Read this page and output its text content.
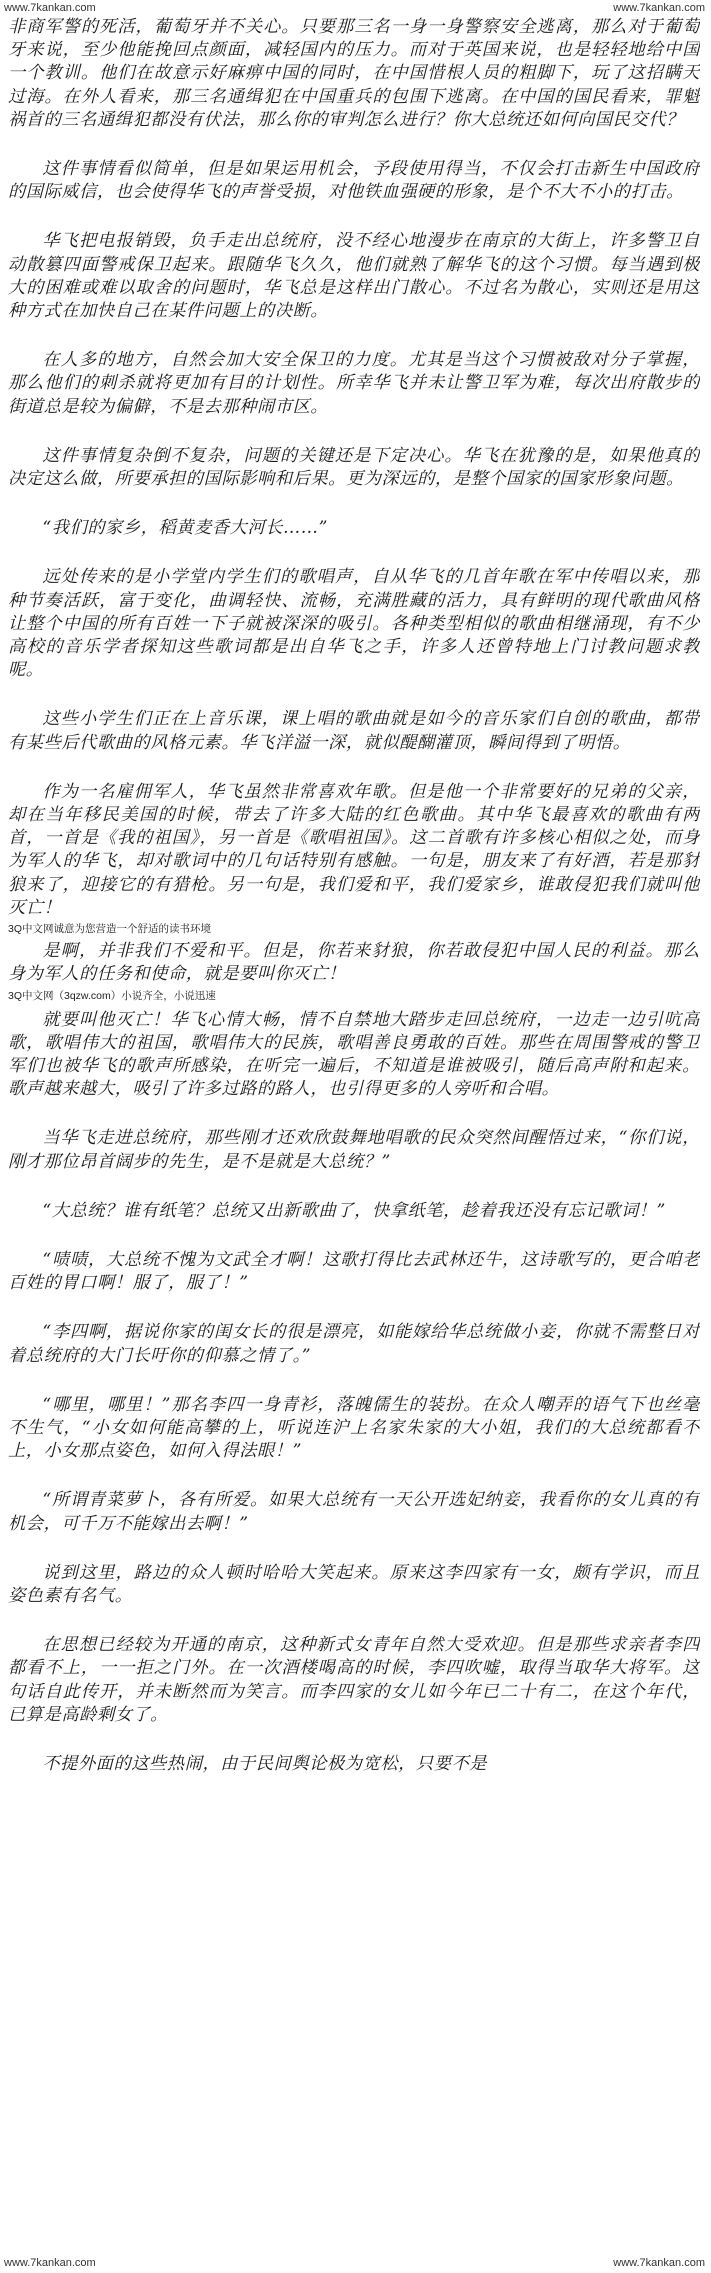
www.7kankan.com	www.7kankan.com

非商军警的死活，葡萄牙并不关心。只要那三名一身一身警察安全逃离，那么对于葡萄牙来说，至少他能挽回点颜面，减轻国内的压力。而对于英国来说，也是轻轻地给中国一个教训。他们在故意示好麻痹中国的同时，在中国惜根人员的粗脚下，玩了这招瞒天过海。在外人看来，那三名通缉犯在中国重兵的包围下逃离。在中国的国民看来，罪魁祸首的三名通缉犯都没有伏法，那么你的审判怎么进行？你大总统还如何向国民交代？

这件事情看似简单，但是如果运用机会，予段使用得当，不仅会打击新生中国政府的国际威信，也会使得华飞的声誉受损，对他铁血强硬的形象，是个不大不小的打击。

华飞把电报销毁，负手走出总统府，没不经心地漫步在南京的大街上，许多警卫自动散篡四面警戒保卫起来。跟随华飞久久，他们就熟了解华飞的这个习惯。每当遇到极大的困难或难以取舍的问题时，华飞总是这样出门散心。不过名为散心，实则还是用这种方式在加快自己在某件问题上的决断。

在人多的地方，自然会加大安全保卫的力度。尤其是当这个习惯被敌对分子掌握，那么他们的刺杀就将更加有目的计划性。所幸华飞并未让警卫军为难，每次出府散步的街道总是较为偏僻，不是去那种闹市区。

这件事情复杂倒不复杂，问题的关键还是下定决心。华飞在犹豫的是，如果他真的决定这么做，所要承担的国际影响和后果。更为深远的，是整个国家的国家形象问题。

“我们的家乡，稻黄麦香大河长……”

远处传来的是小学堂内学生们的歌唱声，自从华飞的几首年歌在军中传唱以来，那种节奏活跃，富于变化，曲调轻快、流畅，充满胜藏的活力，具有鲜明的现代歌曲风格让整个中国的所有百姓一下子就被深深的吸引。各种类型相似的歌曲相继涌现，有不少高校的音乐学者探知这些歌词都是出自华飞之手，许多人还曾特地上门讨教问题求教呢。

这些小学生们正在上音乐课，课上唱的歌曲就是如今的音乐家们自创的歌曲，都带有某些后代歌曲的风格元素。华飞洋溢一深，就似醍醐灌顶，瞬间得到了明悟。

作为一名雇佣军人，华飞虽然非常喜欢年歌。但是他一个非常要好的兄弟的父亲，却在当年移民美国的时候，带去了许多大陆的红色歌曲。其中华飞最喜欢的歌曲有两首，一首是《我的祖国》，另一首是《歌唱祖国》。这二首歌有许多核心相似之处，而身为军人的华飞，却对歌词中的几句话特别有感触。一句是，朋友来了有好酒，若是那豺狼来了，迎接它的有猎枪。另一句是，我们爱和平，我们爱家乡，谁敢侵犯我们就叫他灭亡！

3Q中文网诚意为您营造一个舒适的读书环境

是啊，并非我们不爱和平。但是，你若来豺狼，你若敢侵犯中国人民的利益。那么身为军人的任务和使命，就是要叫你灭亡！

3Q中文网（3qzw.com）小说齐全，小说迅速

就要叫他灭亡！华飞心情大畅，情不自禁地大踏步走回总统府，一边走一边引吭高歌，歌唱伟大的祖国，歌唱伟大的民族，歌唱善良勇敢的百姓。那些在周围警戒的警卫军们也被华飞的歌声所感染，在听完一遍后，不知道是谁被吸引，随后高声附和起来。歌声越来越大，吸引了许多过路的路人，也引得更多的人旁听和合唱。

当华飞走进总统府，那些刚才还欢欣鼓舞地唱歌的民众突然间醒悟过来，“你们说，刚才那位昂首阔步的先生，是不是就是大总统？”

“大总统？谁有纸笔？总统又出新歌曲了，快拿纸笔，趁着我还没有忘记歌词！”

“啧啧，大总统不愧为文武全才啊！这歌打得比去武林还牛，这诗歌写的，更合咱老百姓的胃口啊！服了，服了！”

“李四啊，据说你家的闺女长的很是漂亮，如能嫁给华总统做小妾，你就不需整日对着总统府的大门长吁你的仰慕之情了。”

“哪里，哪里！”那名李四一身青衫，落魄儒生的装扮。在众人嘲弄的语气下也丝毫不生气，“小女如何能高攀的上，听说连沪上名家朱家的大小姐，我们的大总统都看不上，小女那点姿色，如何入得法眼！”

“所谓青菜萝卜，各有所爱。如果大总统有一天公开选妃纳妾，我看你的女儿真的有机会，可千万不能嫁出去啊！”

说到这里，路边的众人顿时哈哈大笑起来。原来这李四家有一女，颇有学识，而且姿色素有名气。

在思想已经较为开通的南京，这种新式女青年自然大受欢迎。但是那些求亲者李四都看不上，一一拒之门外。在一次酒楼喝高的时候，李四吹嘘，取得当取华大将军。这句话自此传开，并未断然而为笑言。而李四家的女儿如今年已二十有二，在这个年代，已算是高龄剩女了。

不提外面的这些热闹，由于民间舆论极为宽松，只要不是

www.7kankan.com	www.7kankan.com
